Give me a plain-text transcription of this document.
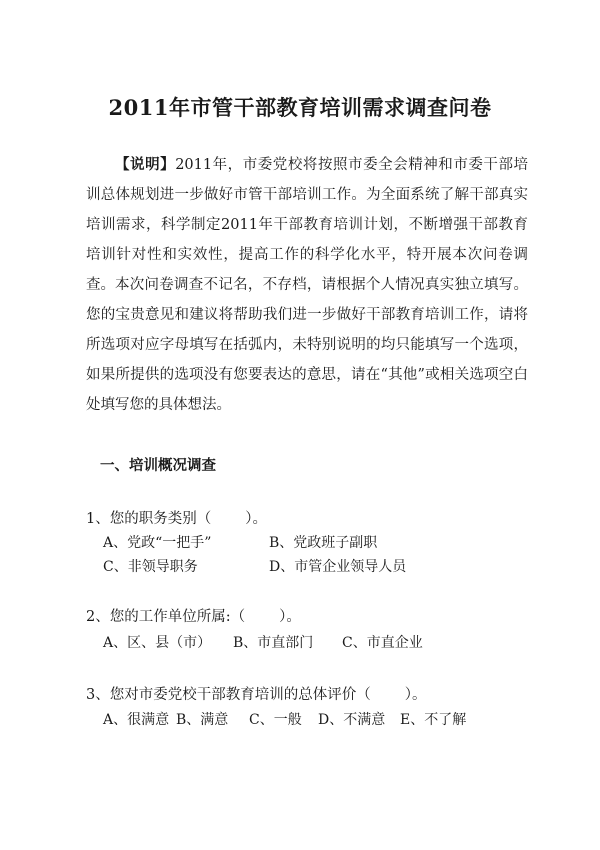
2011年市管干部教育培训需求调查问卷

【说明】2011年，市委党校将按照市委全会精神和市委干部培训总体规划进一步做好市管干部培训工作。为全面系统了解干部真实培训需求，科学制定2011年干部教育培训计划，不断增强干部教育培训针对性和实效性，提高工作的科学化水平，特开展本次问卷调查。 本次问卷调查不记名，不存档，请根据个人情况真实独立填写。您的宝贵意见和建议将帮助我们进一步做好干部教育培训工作，请将所选项对应字母填写在括弧内，未特别说明的均只能填写一个选项，如果所提供的选项没有您要表达的意思，请在“其他”或相关选项空白处填写您的具体想法。

一、培训概况调查
1、您的职务类别（ ）。
A、党政“一把手”	B、党政班子副职
C、非领导职务	D、市管企业领导人员
2、您的工作单位所属:（ ）。
A、区、县（市） B、市直部门 C、市直企业
3、您对市委党校干部教育培训的总体评价（ ）。
A、很满意 B、满意 C、一般 D、不满意 E、不了解
